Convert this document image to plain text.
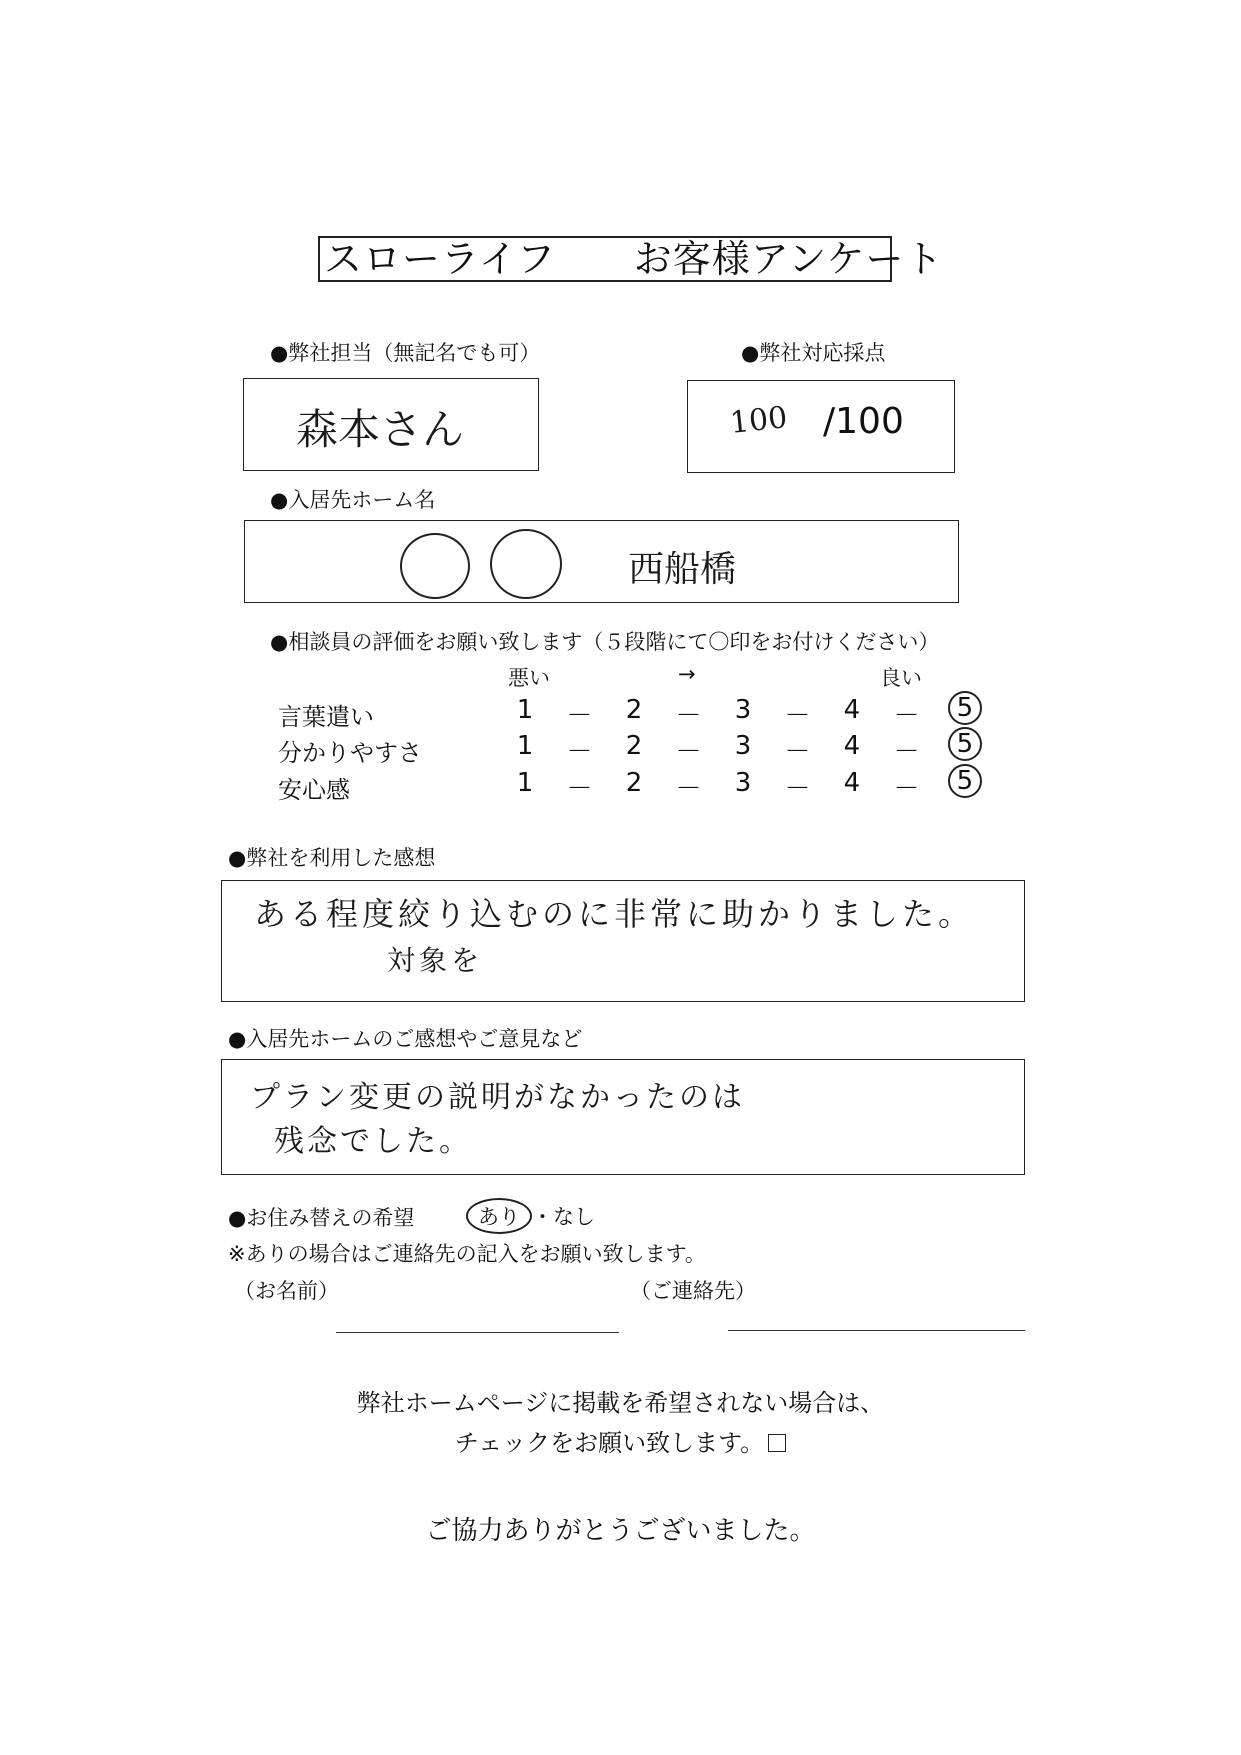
スローライフ　　お客様アンケート
●弊社担当（無記名でも可）
森本さん
●弊社対応採点
100 /100
●入居先ホーム名
西船橋
●相談員の評価をお願い致します（５段階にて〇印をお付けください）
悪い	→	良い
言葉遣い	1 － 2 － 3 － 4 －	5
分かりやすさ	1 － 2 － 3 － 4 －	5
安心感	1 － 2 － 3 － 4 －	5
●弊社を利用した感想
ある程度絞り込むのに非常に助かりました。
対象を
●入居先ホームのご感想やご意見など
プラン変更の説明がなかったのは
残念でした。
●お住み替えの希望	あり ・なし
※ありの場合はご連絡先の記入をお願い致します。
（お名前）	（ご連絡先）
弊社ホームページに掲載を希望されない場合は、
チェックをお願い致します。
ご協力ありがとうございました。
